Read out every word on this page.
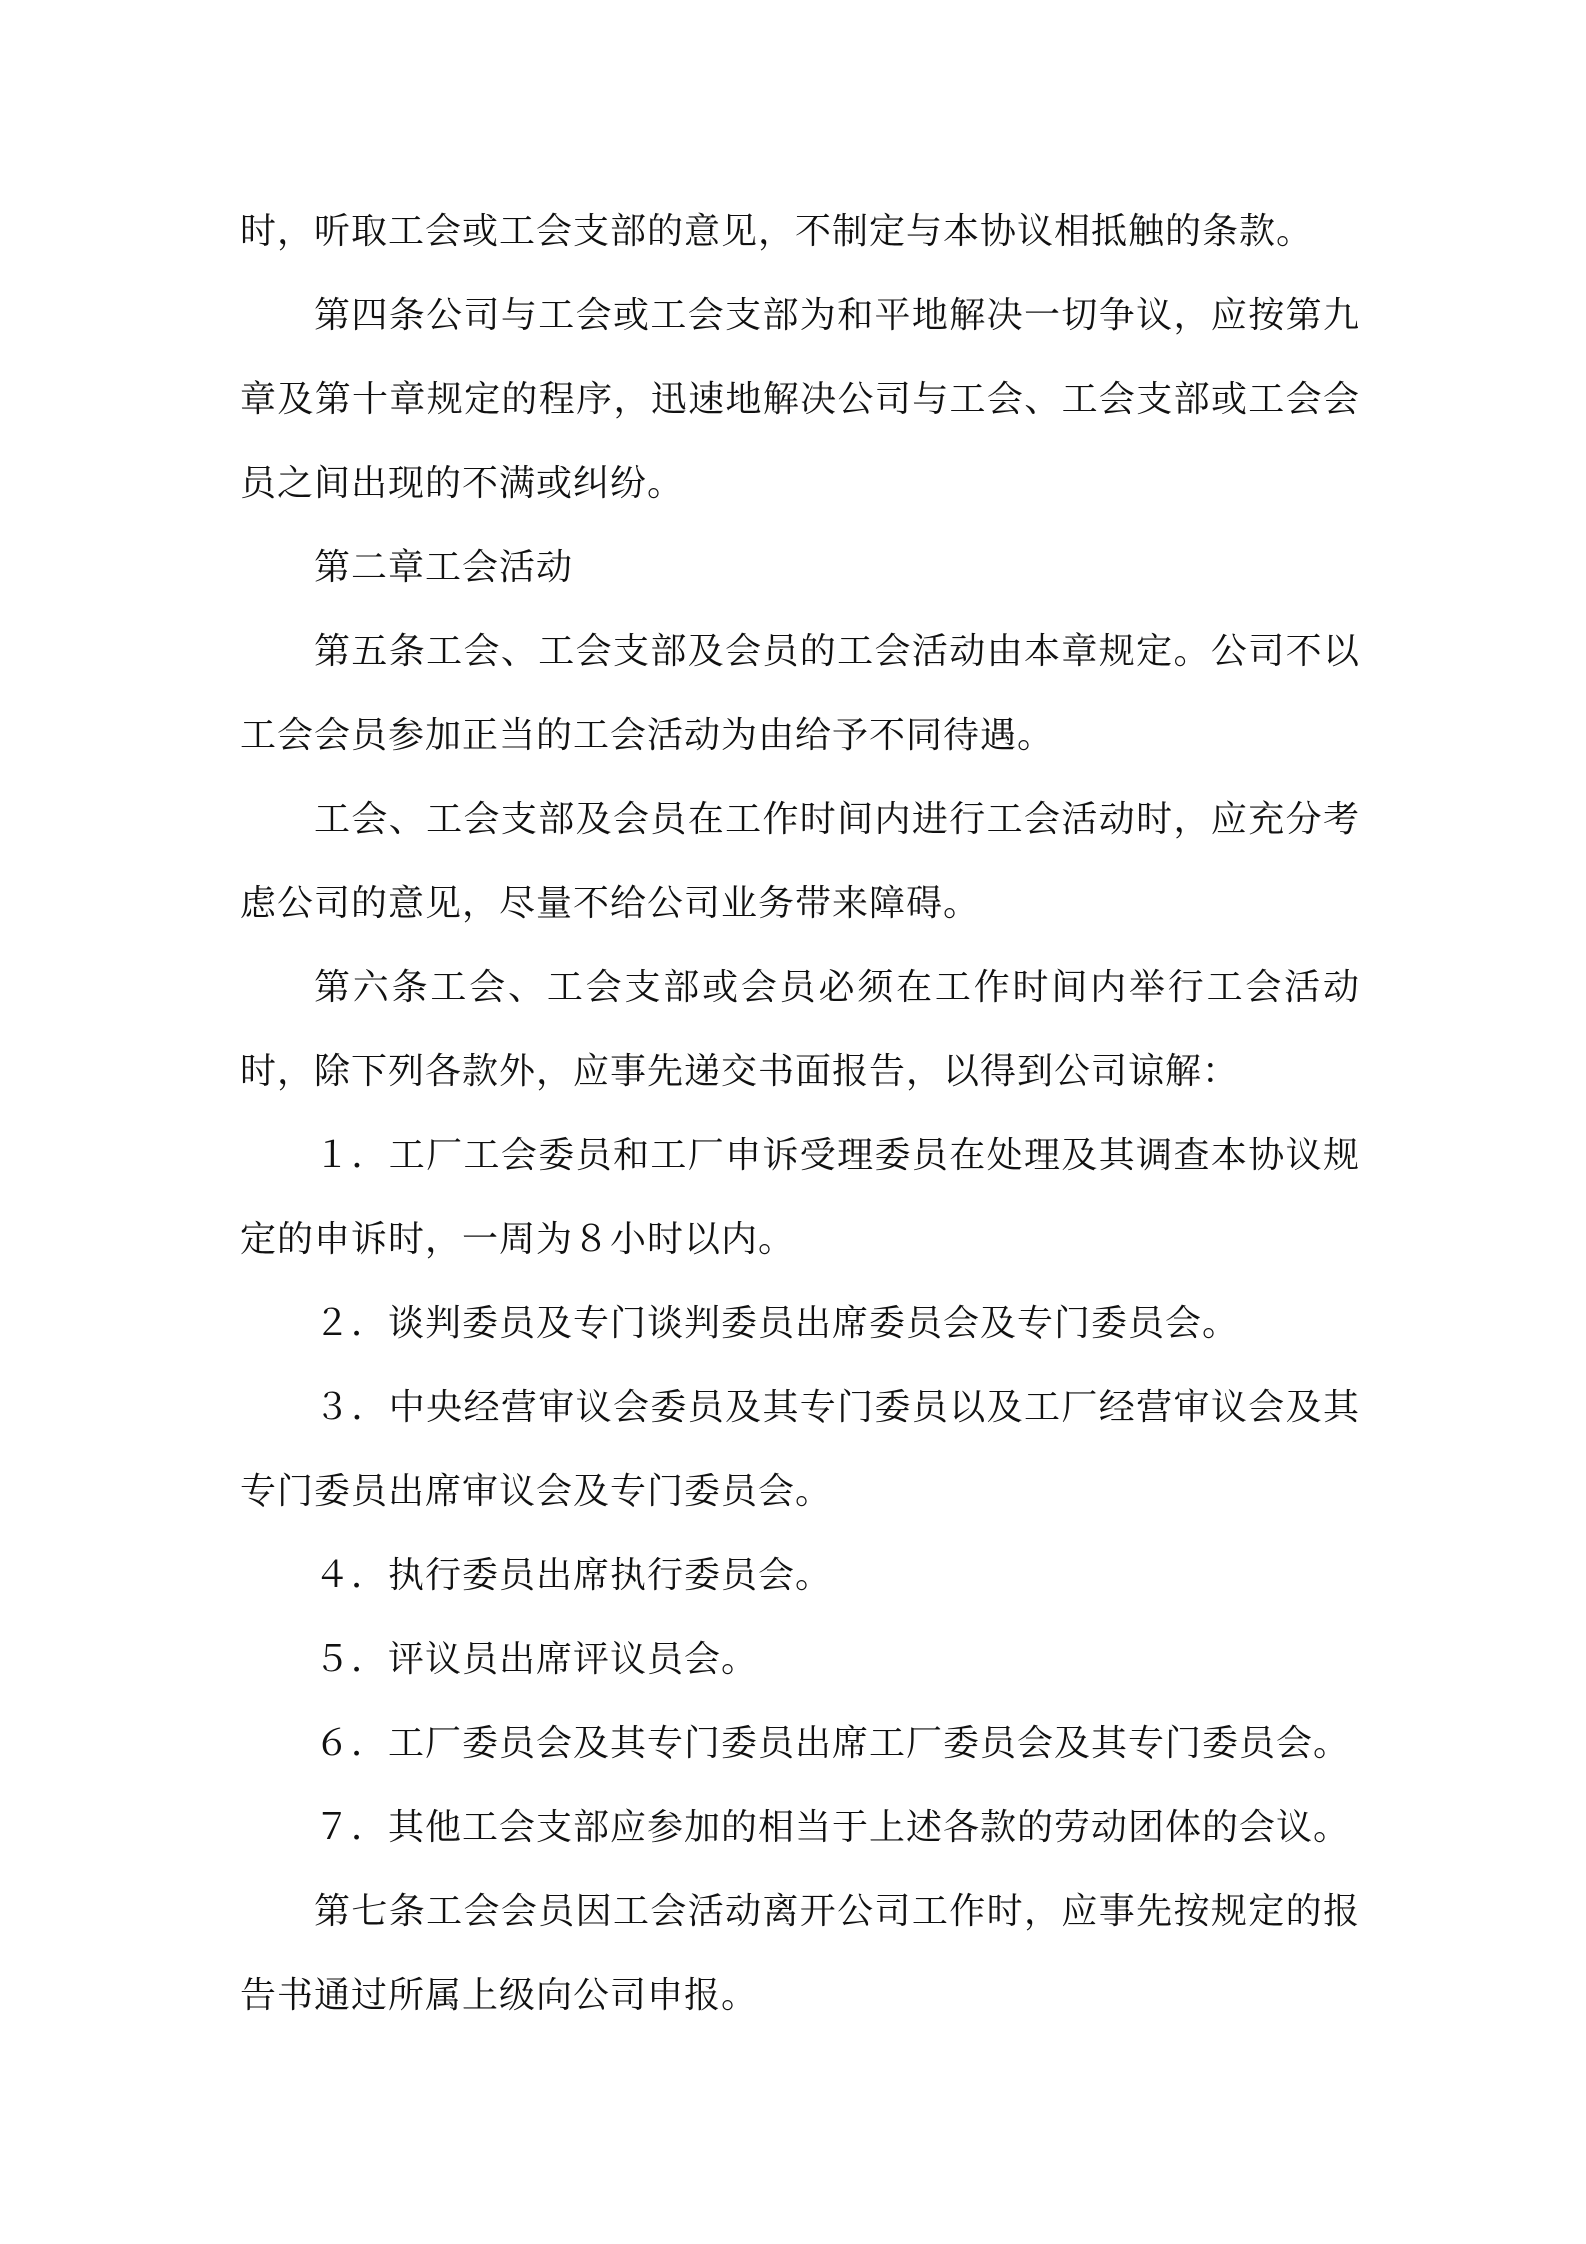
时，听取工会或工会支部的意见，不制定与本协议相抵触的条款。

第四条公司与工会或工会支部为和平地解决一切争议，应按第九章及第十章规定的程序，迅速地解决公司与工会、工会支部或工会会员之间出现的不满或纠纷。

第二章工会活动

第五条工会、工会支部及会员的工会活动由本章规定。公司不以工会会员参加正当的工会活动为由给予不同待遇。

工会、工会支部及会员在工作时间内进行工会活动时，应充分考虑公司的意见，尽量不给公司业务带来障碍。

第六条工会、工会支部或会员必须在工作时间内举行工会活动时，除下列各款外，应事先递交书面报告，以得到公司谅解：

１．工厂工会委员和工厂申诉受理委员在处理及其调查本协议规定的申诉时，一周为８小时以内。

２．谈判委员及专门谈判委员出席委员会及专门委员会。

３．中央经营审议会委员及其专门委员以及工厂经营审议会及其专门委员出席审议会及专门委员会。

４．执行委员出席执行委员会。

５．评议员出席评议员会。

６．工厂委员会及其专门委员出席工厂委员会及其专门委员会。

７．其他工会支部应参加的相当于上述各款的劳动团体的会议。

第七条工会会员因工会活动离开公司工作时，应事先按规定的报告书通过所属上级向公司申报。
